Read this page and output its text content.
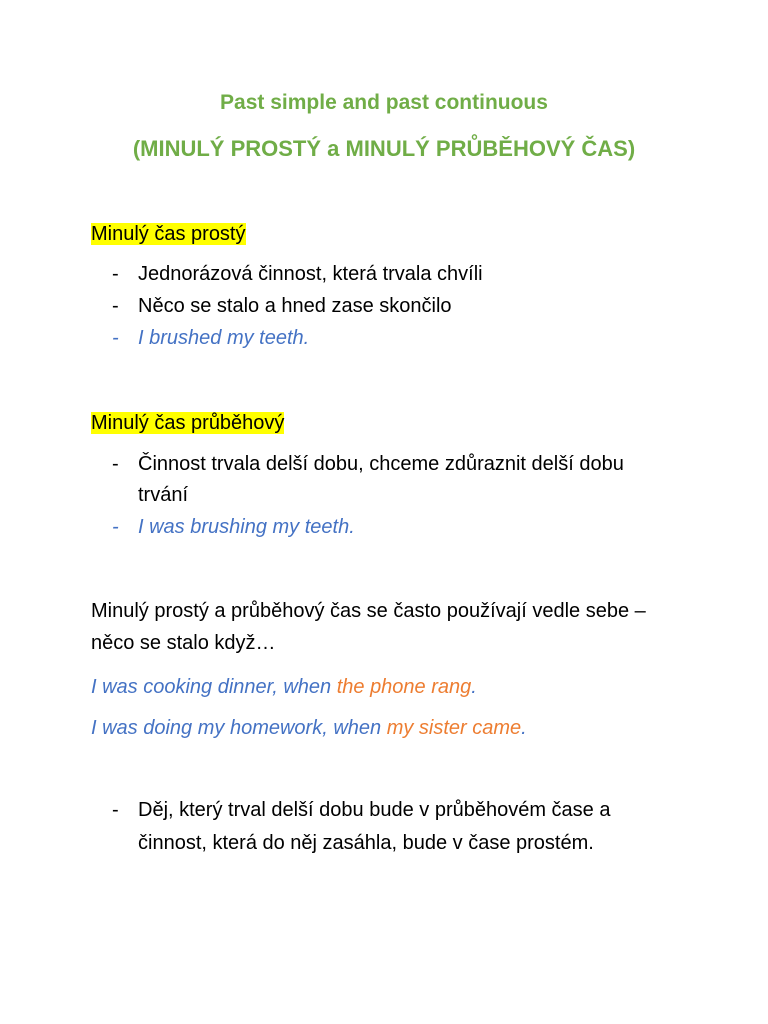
Past simple and past continuous
(MINULÝ PROSTÝ a MINULÝ PRŮBĚHOVÝ ČAS)
Minulý čas prostý
- Jednorázová činnost, která trvala chvíli
- Něco se stalo a hned zase skončilo
- I brushed my teeth.
Minulý čas průběhový
- Činnost trvala delší dobu, chceme zdůraznit delší dobu trvání
- I was brushing my teeth.

Minulý prostý a průběhový čas se často používají vedle sebe – něco se stalo když…

I was cooking dinner, when the phone rang.

I was doing my homework, when my sister came.

- Děj, který trval delší dobu bude v průběhovém čase a činnost, která do něj zasáhla, bude v čase prostém.
